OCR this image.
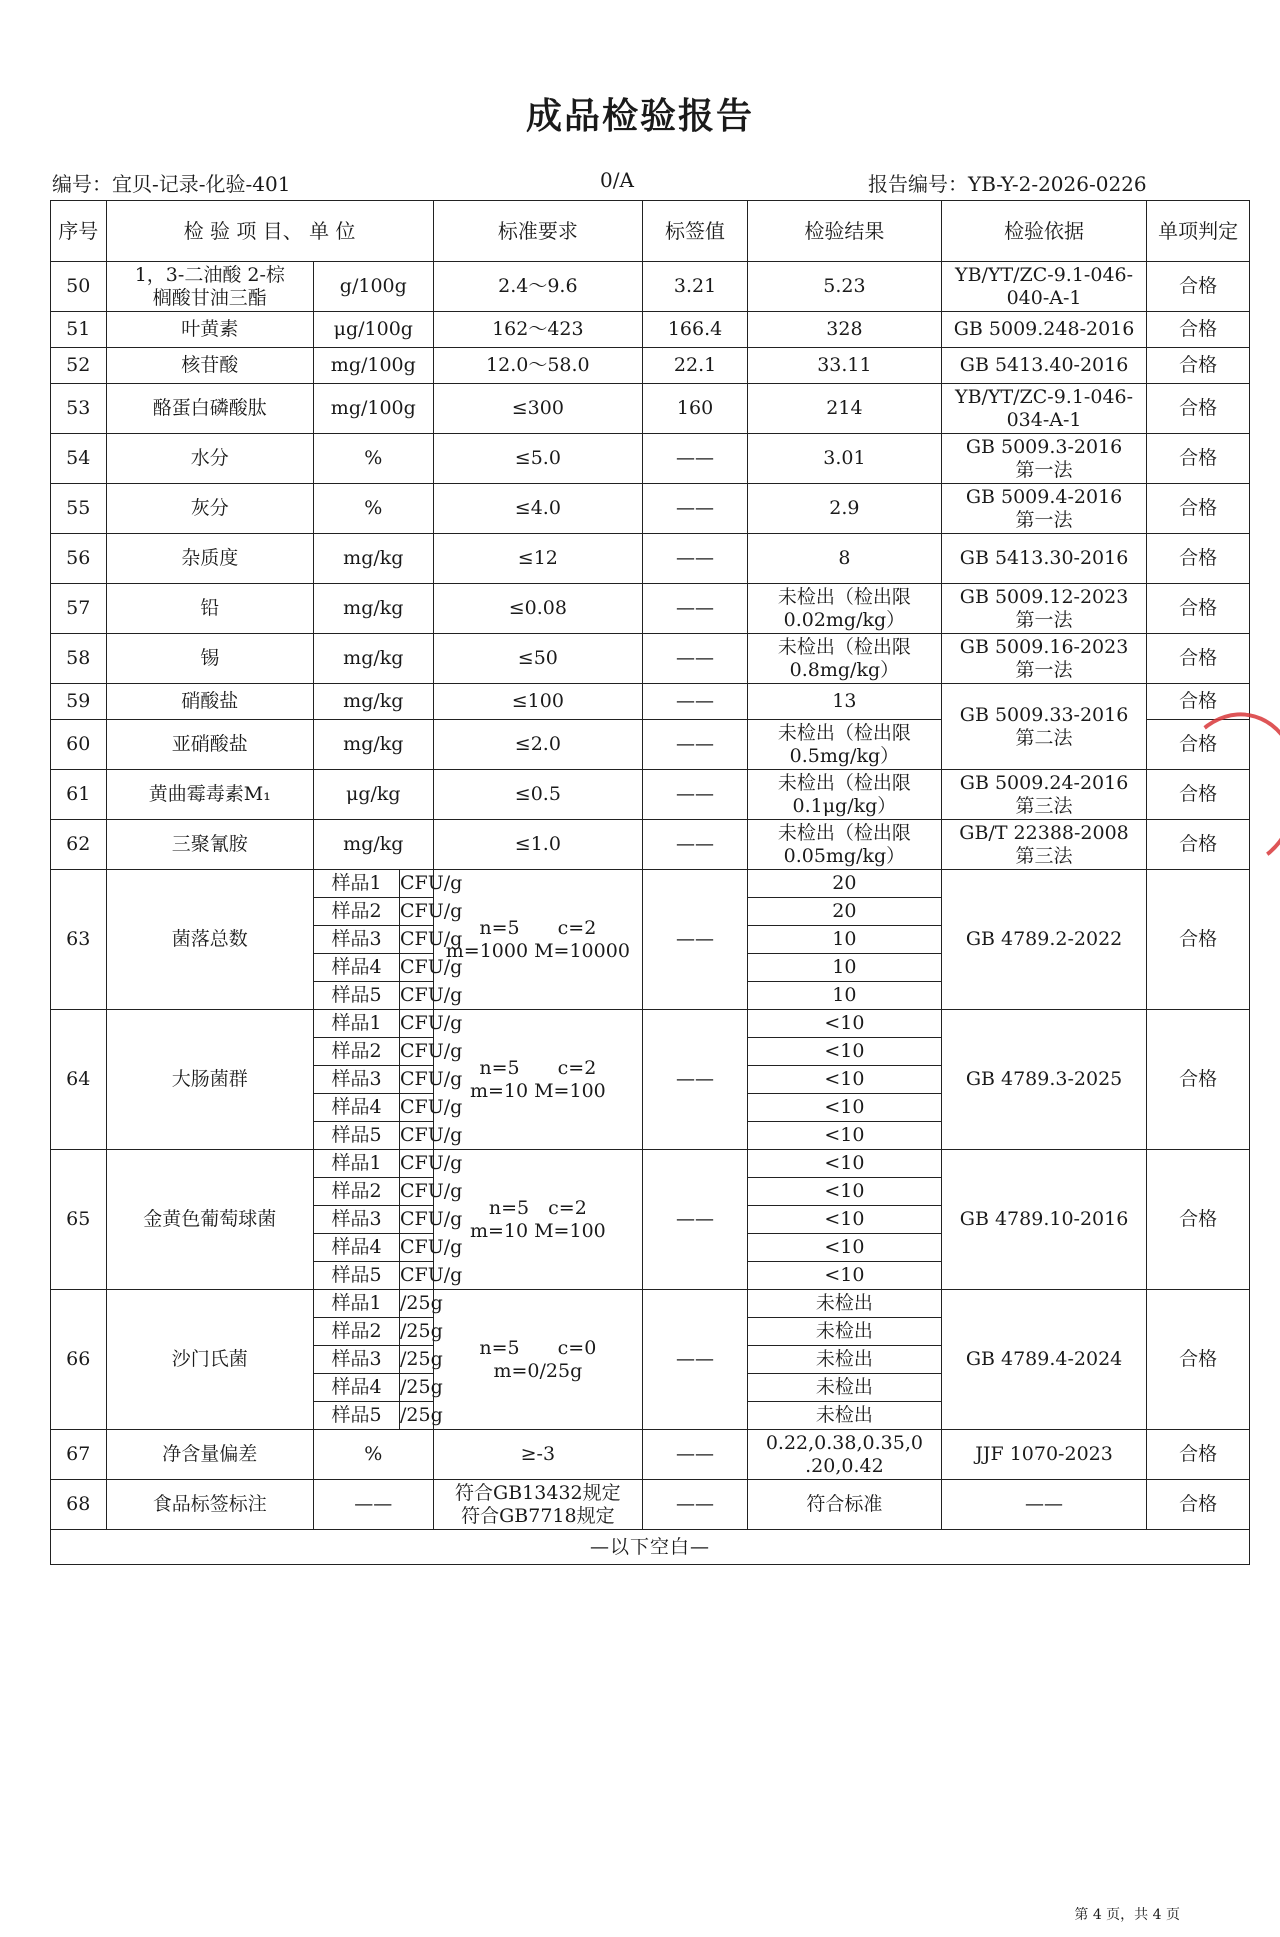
成品检验报告
编号：宜贝-记录-化验-401	0/A	报告编号：YB-Y-2-2026-0226
序号	检 验 项 目、 单 位			标准要求	标签值	检验结果	检验依据	单项判定
50	1，3-二油酸 2-棕
榈酸甘油三酯	g/100g		2.4～9.6	3.21	5.23	YB/YT/ZC-9.1-046-
040-A-1	合格
51	叶黄素	μg/100g		162～423	166.4	328	GB 5009.248-2016	合格
52	核苷酸	mg/100g		12.0～58.0	22.1	33.11	GB 5413.40-2016	合格
53	酪蛋白磷酸肽	mg/100g		≤300	160	214	YB/YT/ZC-9.1-046-
034-A-1	合格
54	水分	%		≤5.0	——	3.01	GB 5009.3-2016
第一法	合格
55	灰分	%		≤4.0	——	2.9	GB 5009.4-2016
第一法	合格
56	杂质度	mg/kg		≤12	——	8	GB 5413.30-2016	合格
57	铅	mg/kg		≤0.08	——	未检出（检出限
0.02mg/kg）	GB 5009.12-2023
第一法	合格
58	锡	mg/kg		≤50	——	未检出（检出限
0.8mg/kg）	GB 5009.16-2023
第一法	合格
59	硝酸盐	mg/kg		≤100	——	13	GB 5009.33-2016
第二法	合格
60	亚硝酸盐	mg/kg		≤2.0	——	未检出（检出限
0.5mg/kg）		合格
61	黄曲霉毒素M₁	μg/kg		≤0.5	——	未检出（检出限
0.1μg/kg）	GB 5009.24-2016
第三法	合格
62	三聚氰胺	mg/kg		≤1.0	——	未检出（检出限
0.05mg/kg）	GB/T 22388-2008
第三法	合格
63	菌落总数	样品1	CFU/g	n=5　　c=2
m=1000 M=10000	——	20	GB 4789.2-2022	合格
		样品2	CFU/g			20		
		样品3	CFU/g			10		
		样品4	CFU/g			10		
		样品5	CFU/g			10		
64	大肠菌群	样品1	CFU/g	n=5　　c=2
m=10 M=100	——	<10	GB 4789.3-2025	合格
		样品2	CFU/g			<10		
		样品3	CFU/g			<10		
		样品4	CFU/g			<10		
		样品5	CFU/g			<10		
65	金黄色葡萄球菌	样品1	CFU/g	n=5　c=2
m=10 M=100	——	<10	GB 4789.10-2016	合格
		样品2	CFU/g			<10		
		样品3	CFU/g			<10		
		样品4	CFU/g			<10		
		样品5	CFU/g			<10		
66	沙门氏菌	样品1	/25g	n=5　　c=0
m=0/25g	——	未检出	GB 4789.4-2024	合格
		样品2	/25g			未检出		
		样品3	/25g			未检出		
		样品4	/25g			未检出		
		样品5	/25g			未检出		
67	净含量偏差	%		≥-3	——	0.22,0.38,0.35,0
.20,0.42	JJF 1070-2023	合格
68	食品标签标注	——		符合GB13432规定
符合GB7718规定	——	符合标准	——	合格
—以下空白—								
第 4 页，共 4 页
